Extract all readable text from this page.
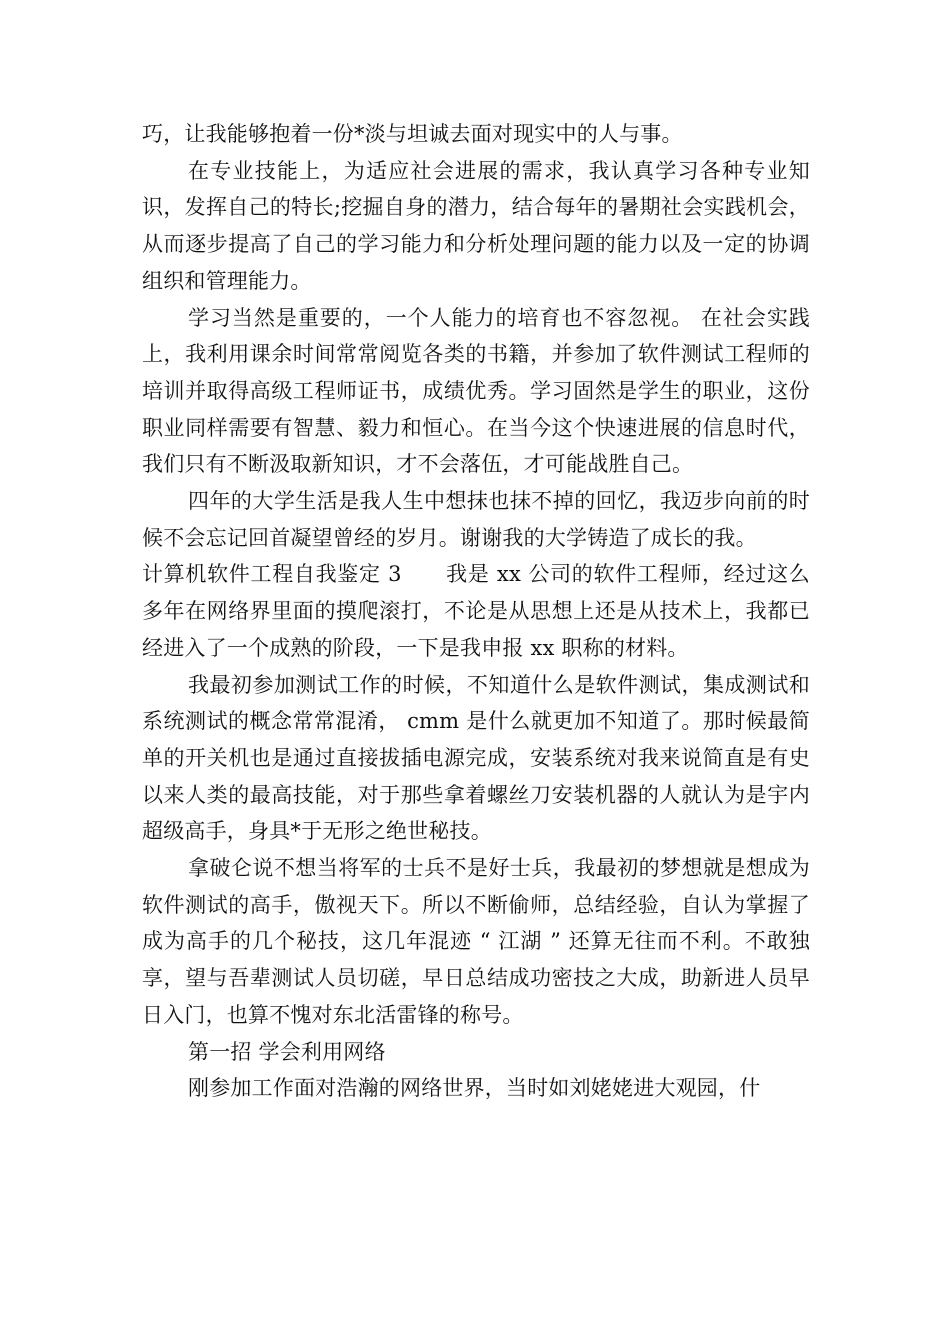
巧，让我能够抱着一份*淡与坦诚去面对现实中的人与事。

在专业技能上，为适应社会进展的需求，我认真学习各种专业知识，发挥自己的特长;挖掘自身的潜力，结合每年的暑期社会实践机会，从而逐步提高了自己的学习能力和分析处理问题的能力以及一定的协调组织和管理能力。

学习当然是重要的，一个人能力的培育也不容忽视。 在社会实践上，我利用课余时间常常阅览各类的书籍，并参加了软件测试工程师的培训并取得高级工程师证书，成绩优秀。学习固然是学生的职业，这份职业同样需要有智慧、毅力和恒心。在当今这个快速进展的信息时代，我们只有不断汲取新知识，才不会落伍，才可能战胜自己。

四年的大学生活是我人生中想抹也抹不掉的回忆，我迈步向前的时候不会忘记回首凝望曾经的岁月。谢谢我的大学铸造了成长的我。

计算机软件工程自我鉴定 3 我是 xx 公司的软件工程师，经过这么多年在网络界里面的摸爬滚打，不论是从思想上还是从技术上，我都已经进入了一个成熟的阶段，一下是我申报 xx 职称的材料。

我最初参加测试工作的时候，不知道什么是软件测试，集成测试和系统测试的概念常常混淆， cmm 是什么就更加不知道了。那时候最简单的开关机也是通过直接拔插电源完成，安装系统对我来说简直是有史以来人类的最高技能，对于那些拿着螺丝刀安装机器的人就认为是宇内超级高手，身具*于无形之绝世秘技。

拿破仑说不想当将军的士兵不是好士兵，我最初的梦想就是想成为软件测试的高手，傲视天下。所以不断偷师，总结经验，自认为掌握了成为高手的几个秘技，这几年混迹 “ 江湖 ” 还算无往而不利。不敢独享，望与吾辈测试人员切磋，早日总结成功密技之大成，助新进人员早日入门，也算不愧对东北活雷锋的称号。

第一招 学会利用网络

刚参加工作面对浩瀚的网络世界，当时如刘姥姥进大观园，什
